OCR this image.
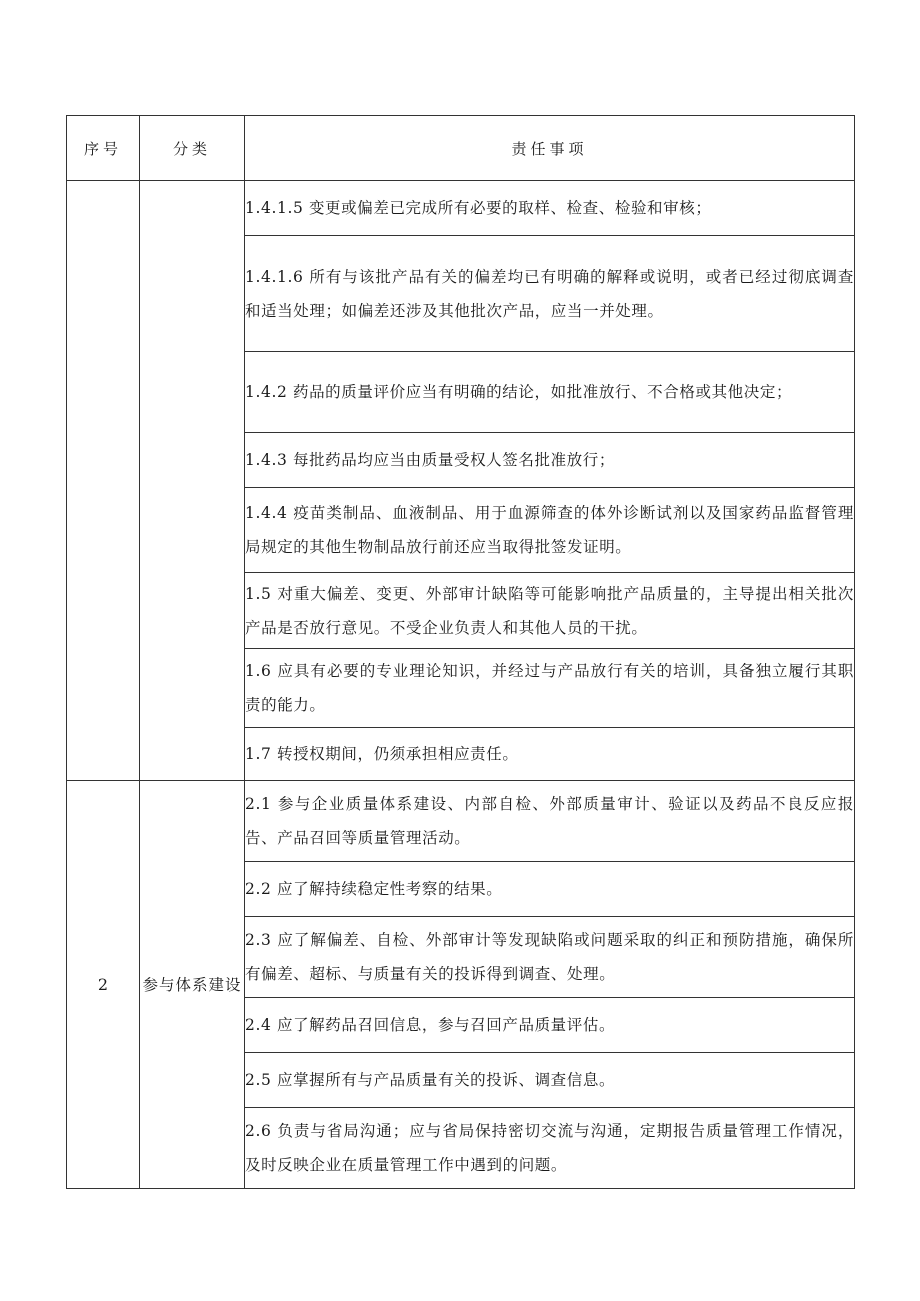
序号	分类	责任事项
		1.4.1.5 变更或偏差已完成所有必要的取样、检查、检验和审核；
		1.4.1.6 所有与该批产品有关的偏差均已有明确的解释或说明，或者已经过彻底调查和适当处理；如偏差还涉及其他批次产品，应当一并处理。
		1.4.2 药品的质量评价应当有明确的结论，如批准放行、不合格或其他决定；
		1.4.3 每批药品均应当由质量受权人签名批准放行；
		1.4.4 疫苗类制品、血液制品、用于血源筛查的体外诊断试剂以及国家药品监督管理局规定的其他生物制品放行前还应当取得批签发证明。
		1.5 对重大偏差、变更、外部审计缺陷等可能影响批产品质量的，主导提出相关批次产品是否放行意见。不受企业负责人和其他人员的干扰。
		1.6 应具有必要的专业理论知识，并经过与产品放行有关的培训，具备独立履行其职责的能力。
		1.7 转授权期间，仍须承担相应责任。
2	参与体系建设	2.1 参与企业质量体系建设、内部自检、外部质量审计、验证以及药品不良反应报告、产品召回等质量管理活动。
		2.2 应了解持续稳定性考察的结果。
		2.3 应了解偏差、自检、外部审计等发现缺陷或问题采取的纠正和预防措施，确保所有偏差、超标、与质量有关的投诉得到调查、处理。
		2.4 应了解药品召回信息，参与召回产品质量评估。
		2.5 应掌握所有与产品质量有关的投诉、调查信息。
		2.6 负责与省局沟通；应与省局保持密切交流与沟通，定期报告质量管理工作情况，及时反映企业在质量管理工作中遇到的问题。
